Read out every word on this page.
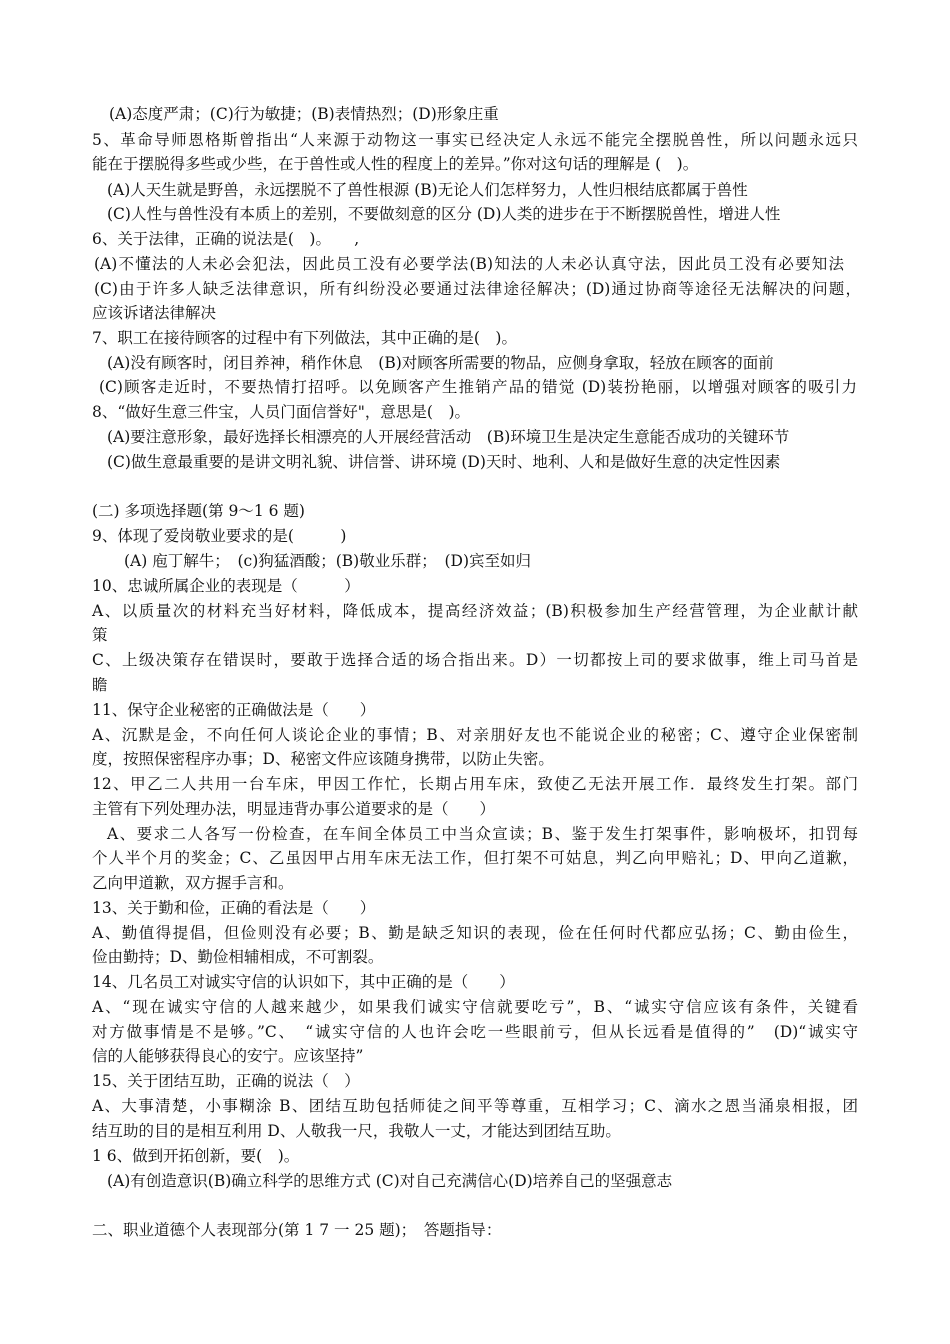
(A)态度严肃；(C)行为敏捷；(B)表情热烈；(D)形象庄重
5、革命导师恩格斯曾指出“人来源于动物这一事实已经决定人永远不能完全摆脱兽性，所以问题永远只
能在于摆脱得多些或少些，在于兽性或人性的程度上的差异。”你对这句话的理解是 (　)。
(A)人天生就是野兽，永远摆脱不了兽性根源 (B)无论人们怎样努力，人性归根结底都属于兽性
(C)人性与兽性没有本质上的差别，不要做刻意的区分 (D)人类的进步在于不断摆脱兽性，增进人性
6、关于法律，正确的说法是(　)。　　,
(A)不懂法的人未必会犯法，因此员工没有必要学法(B)知法的人未必认真守法，因此员工没有必要知法
(C)由于许多人缺乏法律意识，所有纠纷没必要通过法律途径解决；(D)通过协商等途径无法解决的问题，
应该诉诸法律解决
7、职工在接待顾客的过程中有下列做法，其中正确的是(　)。
(A)没有顾客时，闭目养神，稍作休息　(B)对顾客所需要的物品，应侧身拿取，轻放在顾客的面前
(C)顾客走近时，不要热情打招呼。以免顾客产生推销产品的错觉 (D)装扮艳丽，以增强对顾客的吸引力
8、“做好生意三件宝，人员门面信誉好"，意思是(　)。
(A)要注意形象，最好选择长相漂亮的人开展经营活动　(B)环境卫生是决定生意能否成功的关键环节
(C)做生意最重要的是讲文明礼貌、讲信誉、讲环境 (D)天时、地利、人和是做好生意的决定性因素
(二) 多项选择题(第 9～1 6 题)
9、体现了爱岗敬业要求的是(　　　)
(A) 庖丁解牛；　(c)狗猛酒酸；(B)敬业乐群；　(D)宾至如归
10、忠诚所属企业的表现是（　　　）
A、以质量次的材料充当好材料，降低成本，提高经济效益；(B)积极参加生产经营管理，为企业献计献
策
C、上级决策存在错误时，要敢于选择合适的场合指出来。D）一切都按上司的要求做事，维上司马首是
瞻
11、保守企业秘密的正确做法是（　　）
A、沉默是金，不向任何人谈论企业的事情；B、对亲朋好友也不能说企业的秘密；C、遵守企业保密制
度，按照保密程序办事；D、秘密文件应该随身携带，以防止失密。
12、甲乙二人共用一台车床，甲因工作忙，长期占用车床，致使乙无法开展工作．最终发生打架。部门
主管有下列处理办法，明显违背办事公道要求的是（　　）
A、要求二人各写一份检查，在车间全体员工中当众宣读；B、鉴于发生打架事件，影响极坏，扣罚每
个人半个月的奖金；C、乙虽因甲占用车床无法工作，但打架不可姑息，判乙向甲赔礼；D、甲向乙道歉，
乙向甲道歉，双方握手言和。
13、关于勤和俭，正确的看法是（　　）
A、勤值得提倡，但俭则没有必要；B、勤是缺乏知识的表现，俭在任何时代都应弘扬；C、勤由俭生，
俭由勤持；D、勤俭相辅相成，不可割裂。
14、几名员工对诚实守信的认识如下，其中正确的是（　　）
A、“现在诚实守信的人越来越少，如果我们诚实守信就要吃亏”，B、“诚实守信应该有条件，关键看
对方做事情是不是够。”C、　“诚实守信的人也许会吃一些眼前亏，但从长远看是值得的”　(D)“诚实守
信的人能够获得良心的安宁。应该坚持”
15、关于团结互助，正确的说法（　）
A、大事清楚，小事糊涂 B、团结互助包括师徒之间平等尊重，互相学习；C、滴水之恩当涌泉相报，团
结互助的目的是相互利用 D、人敬我一尺，我敬人一丈，才能达到团结互助。
1 6、做到开拓创新，要(　)。
(A)有创造意识(B)确立科学的思维方式 (C)对自己充满信心(D)培养自己的坚强意志
二、职业道德个人表现部分(第 1 7 一 25 题)；　答题指导：
